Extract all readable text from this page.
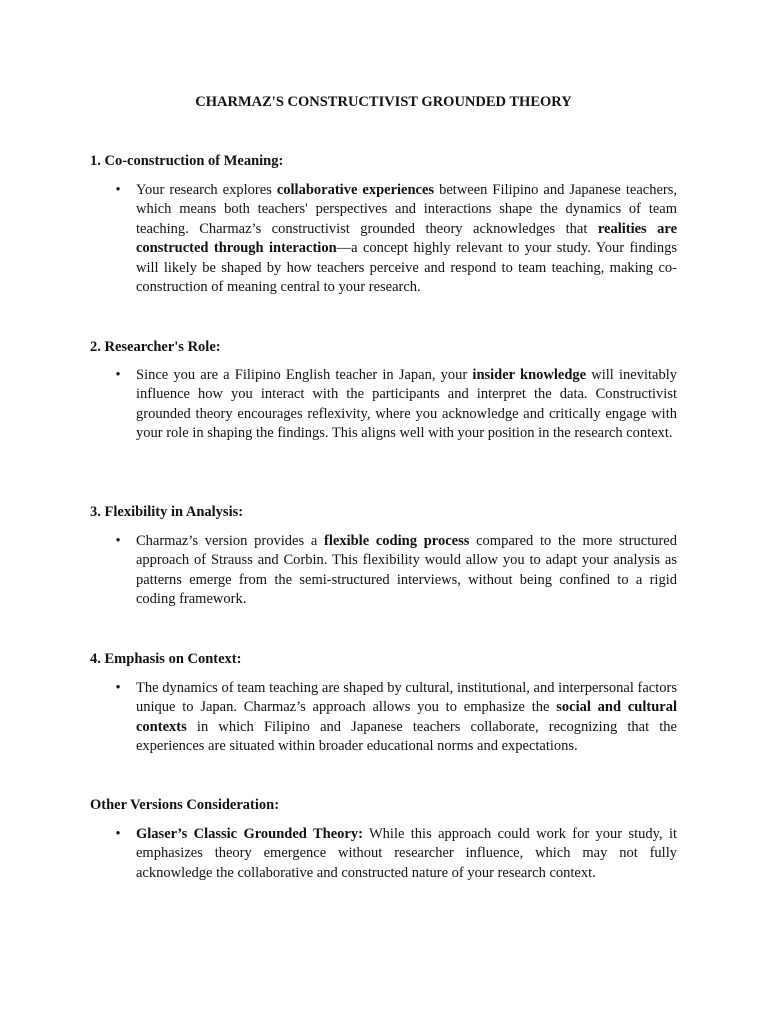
CHARMAZ'S CONSTRUCTIVIST GROUNDED THEORY
1. Co-construction of Meaning:

• Your research explores collaborative experiences between Filipino and Japanese teachers, which means both teachers' perspectives and interactions shape the dynamics of team teaching. Charmaz’s constructivist grounded theory acknowledges that realities are constructed through interaction—a concept highly relevant to your study. Your findings will likely be shaped by how teachers perceive and respond to team teaching, making co-construction of meaning central to your research.

2. Researcher's Role:

• Since you are a Filipino English teacher in Japan, your insider knowledge will inevitably influence how you interact with the participants and interpret the data. Constructivist grounded theory encourages reflexivity, where you acknowledge and critically engage with your role in shaping the findings. This aligns well with your position in the research context.

3. Flexibility in Analysis:

• Charmaz’s version provides a flexible coding process compared to the more structured approach of Strauss and Corbin. This flexibility would allow you to adapt your analysis as patterns emerge from the semi-structured interviews, without being confined to a rigid coding framework.

4. Emphasis on Context:

• The dynamics of team teaching are shaped by cultural, institutional, and interpersonal factors unique to Japan. Charmaz’s approach allows you to emphasize the social and cultural contexts in which Filipino and Japanese teachers collaborate, recognizing that the experiences are situated within broader educational norms and expectations.

Other Versions Consideration:

• Glaser’s Classic Grounded Theory: While this approach could work for your study, it emphasizes theory emergence without researcher influence, which may not fully acknowledge the collaborative and constructed nature of your research context.
